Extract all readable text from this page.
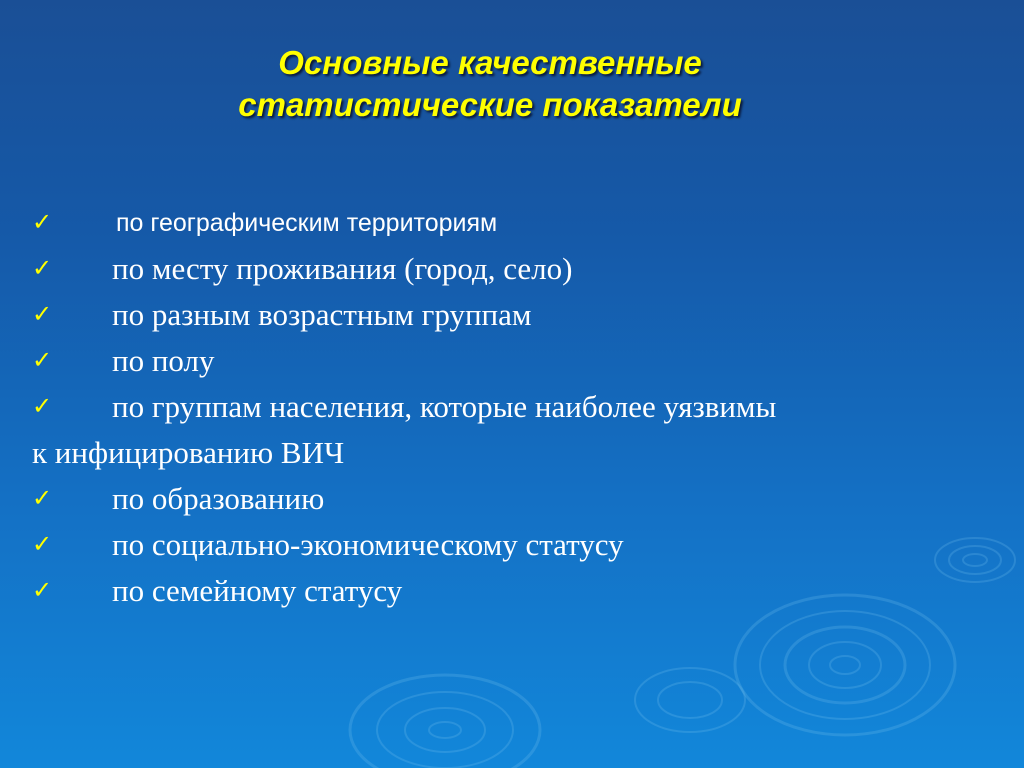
Основные качественные
статистические показатели
✓	по географическим территориям
✓	по месту проживания (город, село)
✓	по разным возрастным группам
✓	по полу
✓	по группам населения, которые наиболее уязвимы
к инфицированию ВИЧ
✓	по образованию
✓	по социально-экономическому статусу
✓	по семейному статусу
